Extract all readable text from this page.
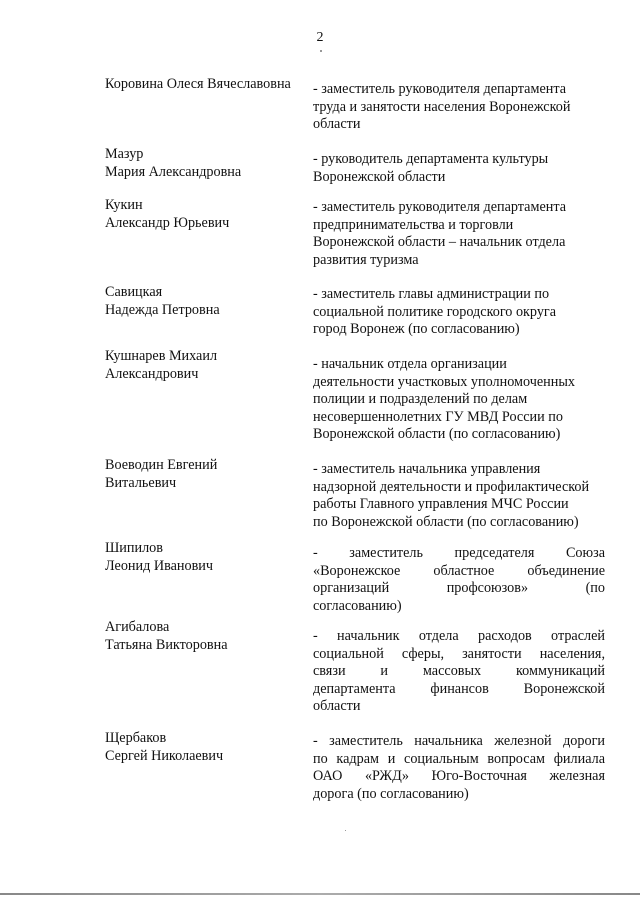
2
Коровина Олеся Вячеславовна	- заместитель руководителя департамента
труда и занятости населения Воронежской
области
Мазур
Мария Александровна
- руководитель департамента культуры
Воронежской области
Кукин
Александр Юрьевич
- заместитель руководителя департамента
предпринимательства и торговли
Воронежской области – начальник отдела
развития туризма
Савицкая
Надежда Петровна
- заместитель главы администрации по
социальной политике городского округа
город Воронеж (по согласованию)
Кушнарев Михаил
Александрович
- начальник отдела организации
деятельности участковых уполномоченных
полиции и подразделений по делам
несовершеннолетних ГУ МВД России по
Воронежской области (по согласованию)
Воеводин Евгений
Витальевич
- заместитель начальника управления
надзорной деятельности и профилактической
работы Главного управления МЧС России
по Воронежской области (по согласованию)
Шипилов
Леонид Иванович
- заместитель председателя Союза
«Воронежское областное объединение
организаций профсоюзов» (по
согласованию)
Агибалова
Татьяна Викторовна
- начальник отдела расходов отраслей
социальной сферы, занятости населения,
связи и массовых коммуникаций
департамента финансов Воронежской
области
Щербаков
Сергей Николаевич
- заместитель начальника железной дороги
по кадрам и социальным вопросам филиала
ОАО «РЖД» Юго-Восточная железная
дорога (по согласованию)
